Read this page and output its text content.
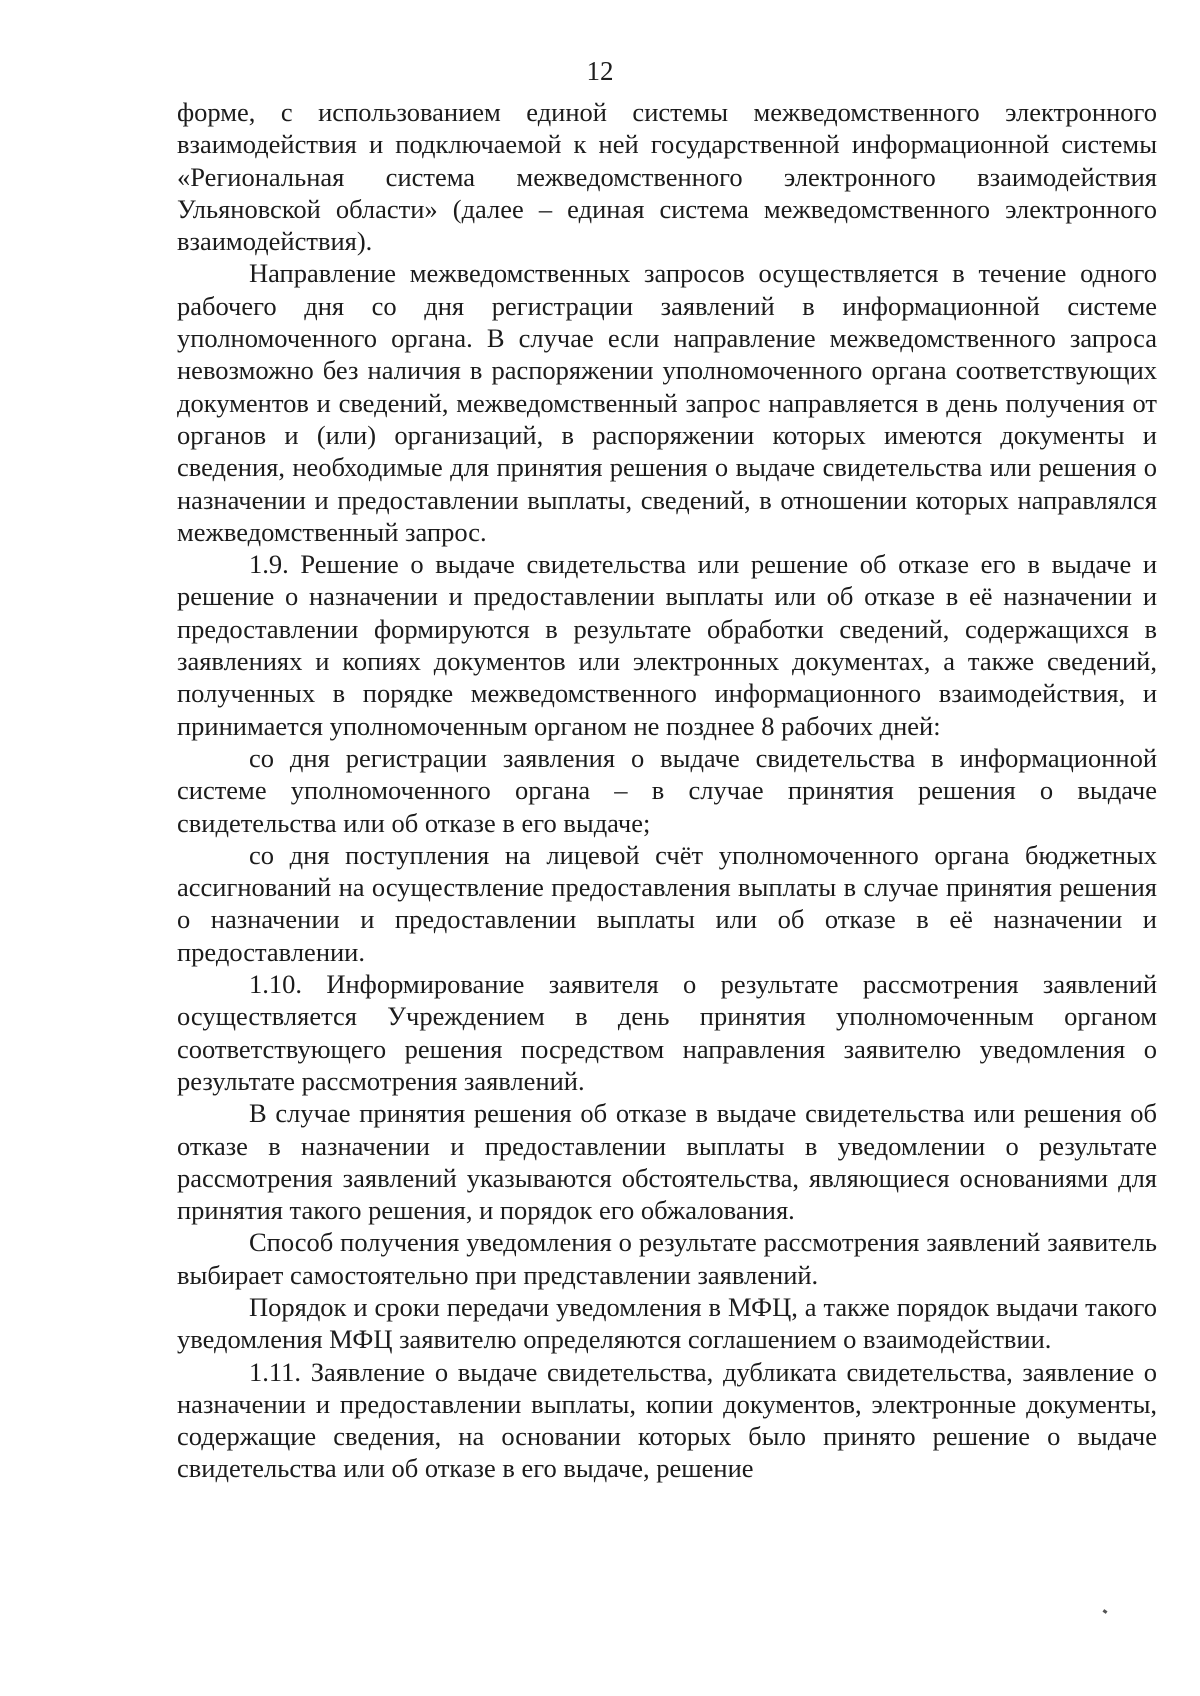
12

форме, с использованием единой системы межведомственного электронного взаимодействия и подключаемой к ней государственной информационной системы «Региональная система межведомственного электронного взаимодействия Ульяновской области» (далее – единая система межведомственного электронного взаимодействия).

Направление межведомственных запросов осуществляется в течение одного рабочего дня со дня регистрации заявлений в информационной системе уполномоченного органа. В случае если направление межведомственного запроса невозможно без наличия в распоряжении уполномоченного органа соответствующих документов и сведений, межведомственный запрос направляется в день получения от органов и (или) организаций, в распоряжении которых имеются документы и сведения, необходимые для принятия решения о выдаче свидетельства или решения о назначении и предоставлении выплаты, сведений, в отношении которых направлялся межведомственный запрос.

1.9. Решение о выдаче свидетельства или решение об отказе его в выдаче и решение о назначении и предоставлении выплаты или об отказе в её назначении и предоставлении формируются в результате обработки сведений, содержащихся в заявлениях и копиях документов или электронных документах, а также сведений, полученных в порядке межведомственного информационного взаимодействия, и принимается уполномоченным органом не позднее 8 рабочих дней:

со дня регистрации заявления о выдаче свидетельства в информационной системе уполномоченного органа – в случае принятия решения о выдаче свидетельства или об отказе в его выдаче;

со дня поступления на лицевой счёт уполномоченного органа бюджетных ассигнований на осуществление предоставления выплаты в случае принятия решения о назначении и предоставлении выплаты или об отказе в её назначении и предоставлении.

1.10. Информирование заявителя о результате рассмотрения заявлений осуществляется Учреждением в день принятия уполномоченным органом соответствующего решения посредством направления заявителю уведомления о результате рассмотрения заявлений.

В случае принятия решения об отказе в выдаче свидетельства или решения об отказе в назначении и предоставлении выплаты в уведомлении о результате рассмотрения заявлений указываются обстоятельства, являющиеся основаниями для принятия такого решения, и порядок его обжалования.

Способ получения уведомления о результате рассмотрения заявлений заявитель выбирает самостоятельно при представлении заявлений.

Порядок и сроки передачи уведомления в МФЦ, а также порядок выдачи такого уведомления МФЦ заявителю определяются соглашением о взаимодействии.

1.11. Заявление о выдаче свидетельства, дубликата свидетельства, заявление о назначении и предоставлении выплаты, копии документов, электронные документы, содержащие сведения, на основании которых было принято решение о выдаче свидетельства или об отказе в его выдаче, решение
